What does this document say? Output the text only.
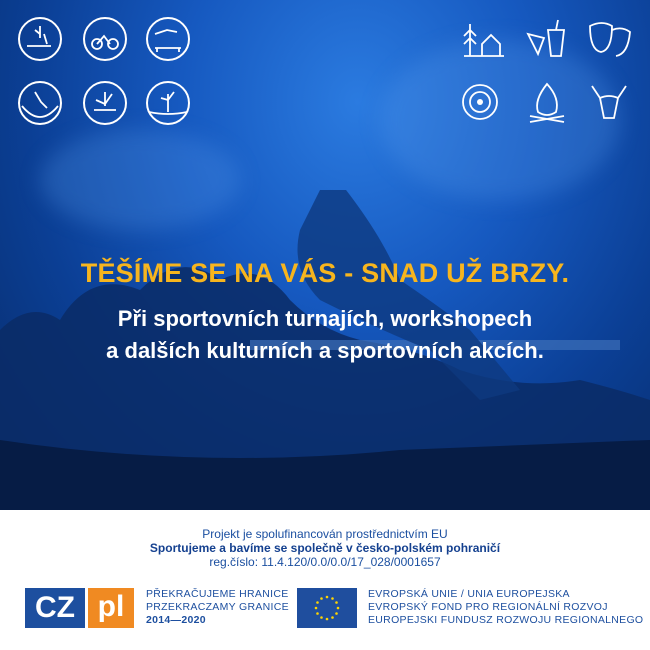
TĚŠÍME SE NA VÁS - SNAD UŽ BRZY.
Při sportovních turnajích, workshopech
a dalších kulturních a sportovních akcích.
Projekt je spolufinancován prostřednictvím EU
Sportujeme a bavíme se společně v česko-polském pohraničí
reg.číslo: 11.4.120/0.0/0.0/17_028/0001657
CZ pl	PŘEKRAČUJEME HRANICE
PRZEKRACZAMY GRANICE
2014—2020
EVROPSKÁ UNIE / UNIA EUROPEJSKA
EVROPSKÝ FOND PRO REGIONÁLNÍ ROZVOJ
EUROPEJSKI FUNDUSZ ROZWOJU REGIONALNEGO
